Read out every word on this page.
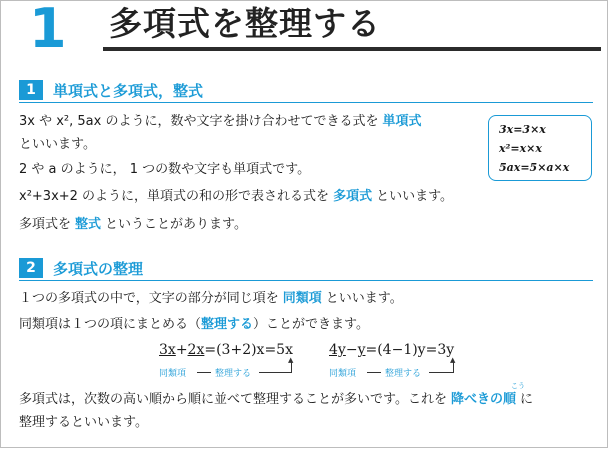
1 多項式を整理する
1	単項式と多項式，整式
3x や x², 5ax のように，数や文字を掛け合わせてできる式を 単項式
といいます。
2 や a のように， 1 つの数や文字も単項式です。
x²+3x+2 のように，単項式の和の形で表される式を 多項式 といいます。
多項式を 整式 ということがあります。
3x=3×x
x²=x×x
5ax=5×a×x
2	多項式の整理
１つの多項式の中で，文字の部分が同じ項を 同類項 といいます。
同類項は１つの項にまとめる（整理する）ことができます。
3x+2x=(3+2)x=5x
同類項	整理する
▲
4y−y=(4−1)y=3y
同類項	整理する
▲
多項式は，次数の高い順から順に並べて整理することが多いです。これを 降べきの順 に
こう
整理するといいます。
